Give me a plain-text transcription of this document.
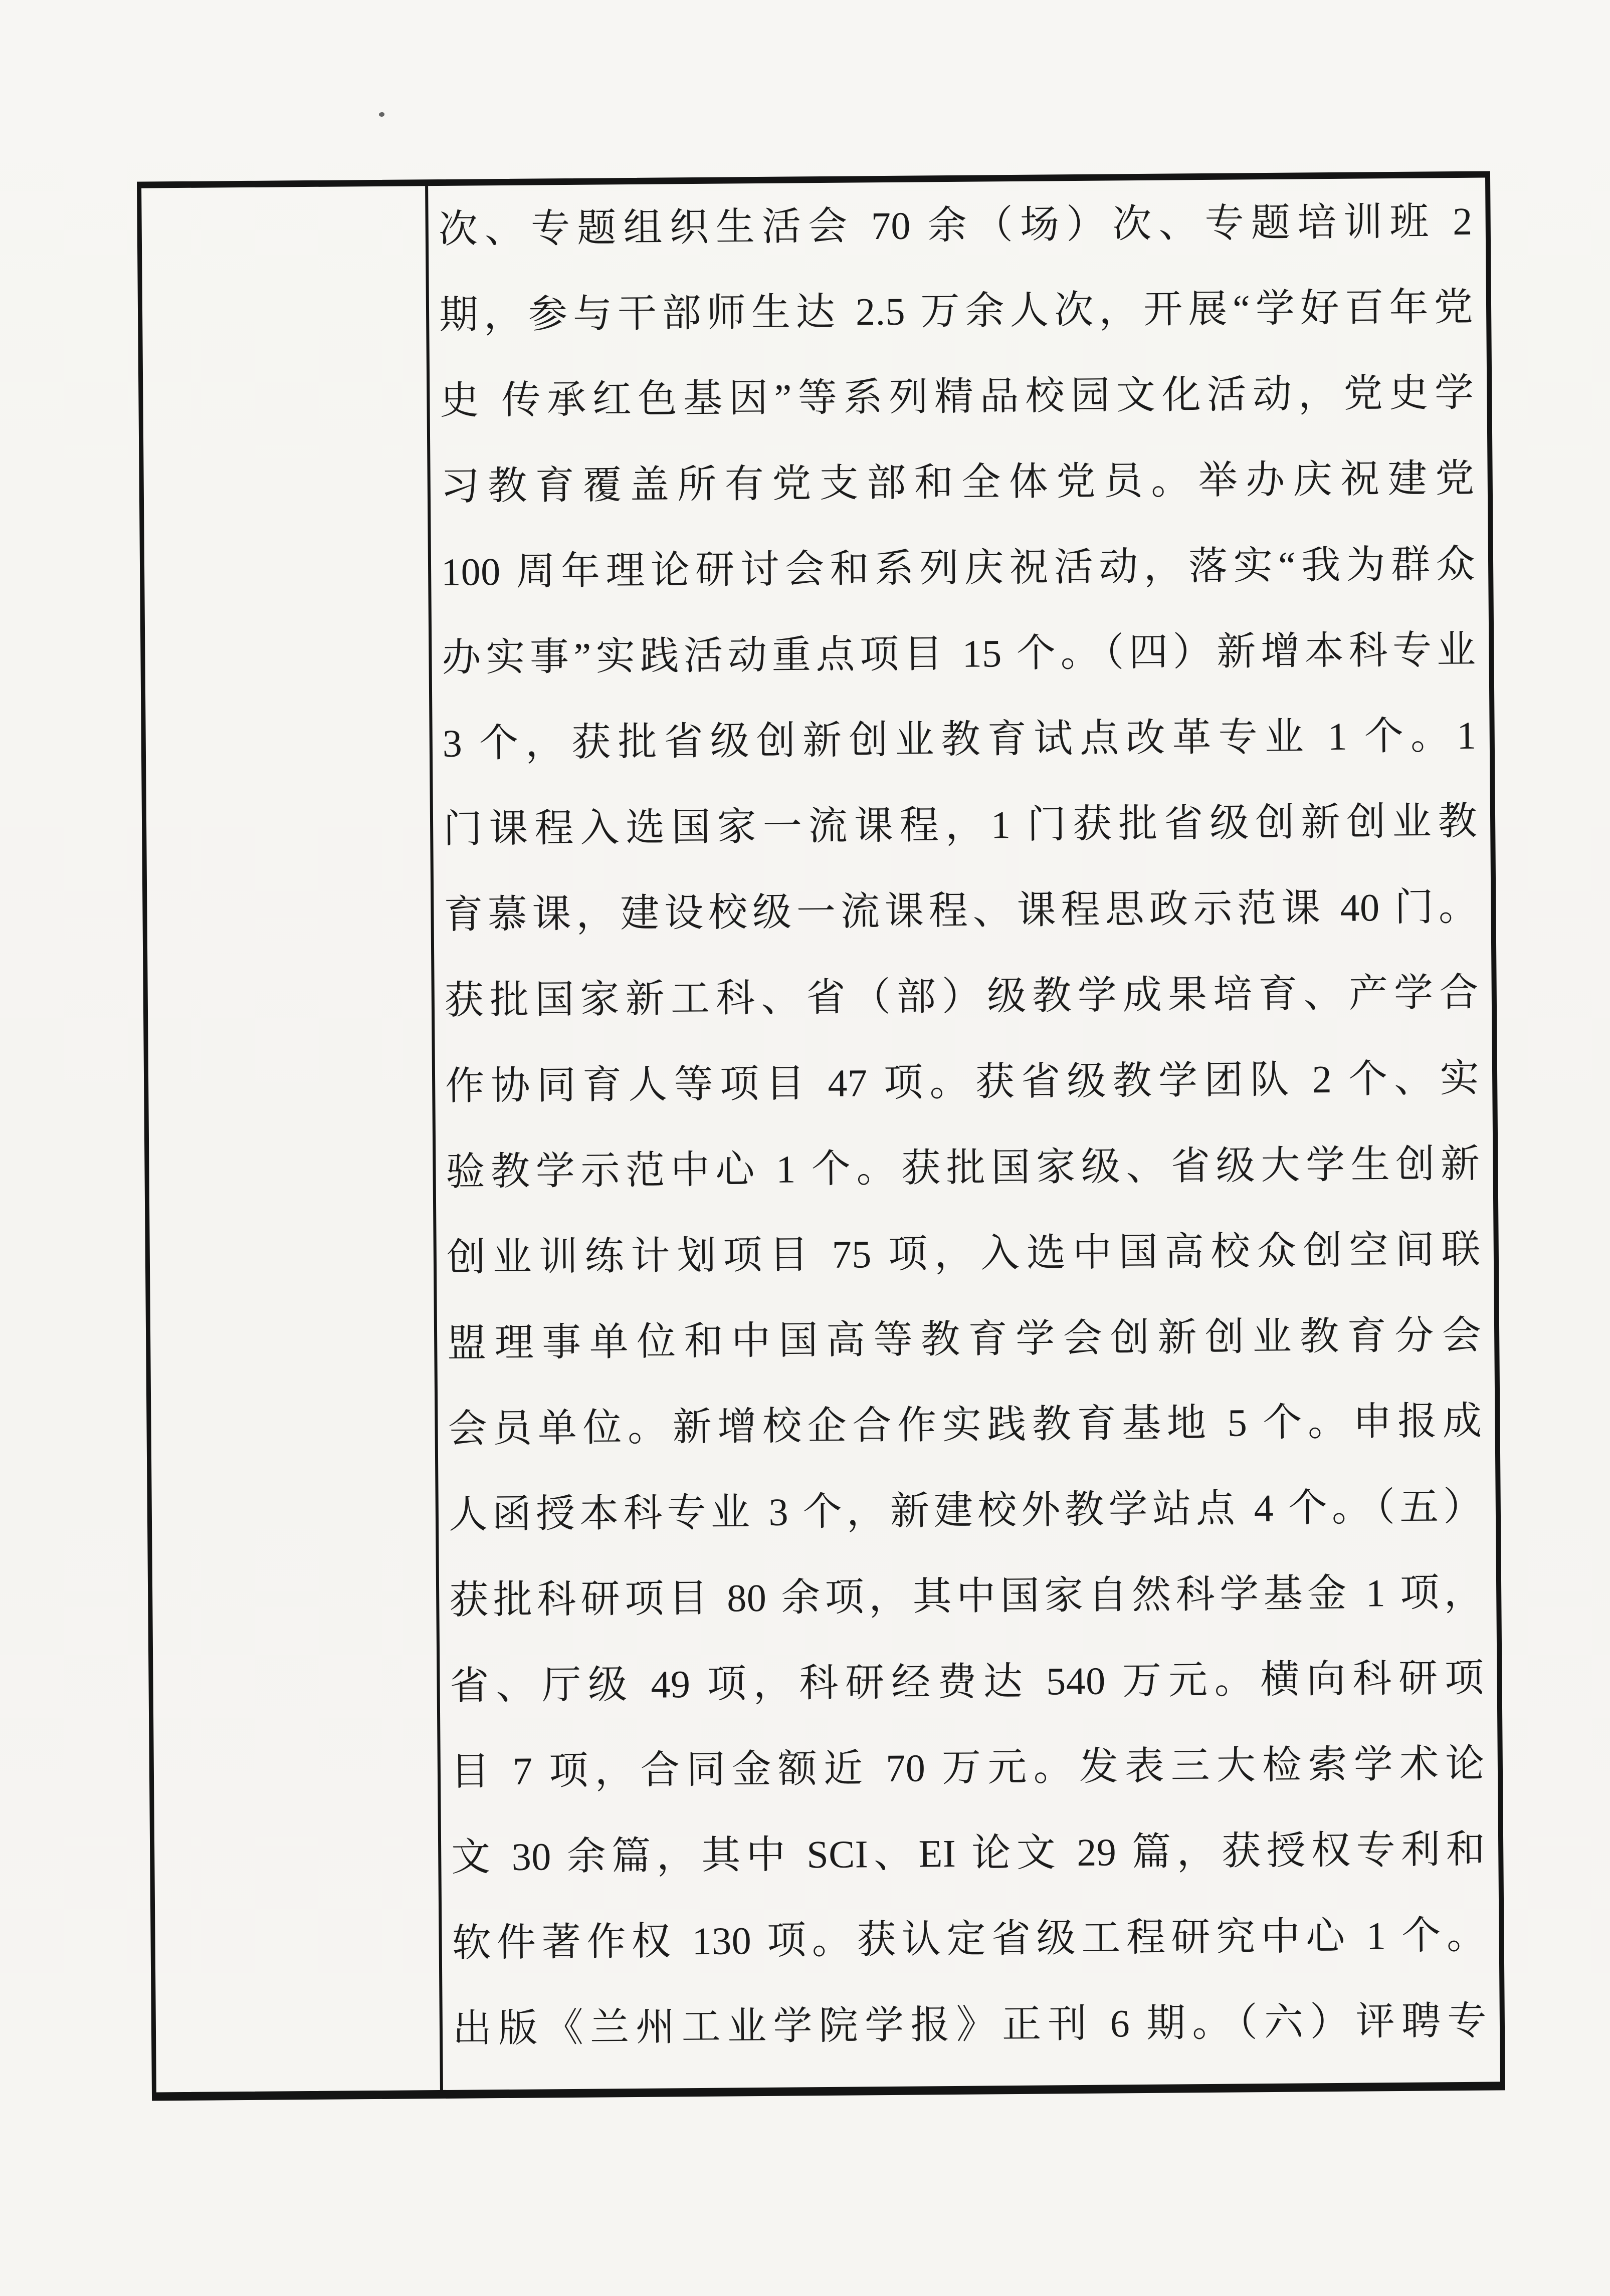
次、专题组织生活会 70 余（场）次、专题培训班 2
期，参与干部师生达 2.5 万余人次，开展“学好百年党
史 传承红色基因”等系列精品校园文化活动，党史学
习教育覆盖所有党支部和全体党员。举办庆祝建党
100 周年理论研讨会和系列庆祝活动，落实“我为群众
办实事”实践活动重点项目 15 个。（四）新增本科专业
3 个，获批省级创新创业教育试点改革专业 1 个。1
门课程入选国家一流课程，1 门获批省级创新创业教
育慕课，建设校级一流课程、课程思政示范课 40 门。
获批国家新工科、省（部）级教学成果培育、产学合
作协同育人等项目 47 项。获省级教学团队 2 个、实
验教学示范中心 1 个。获批国家级、省级大学生创新
创业训练计划项目 75 项，入选中国高校众创空间联
盟理事单位和中国高等教育学会创新创业教育分会
会员单位。新增校企合作实践教育基地 5 个。申报成
人函授本科专业 3 个，新建校外教学站点 4 个。（五）
获批科研项目 80 余项，其中国家自然科学基金 1 项，
省、厅级 49 项，科研经费达 540 万元。横向科研项
目 7 项，合同金额近 70 万元。发表三大检索学术论
文 30 余篇，其中 SCI、EI 论文 29 篇，获授权专利和
软件著作权 130 项。获认定省级工程研究中心 1 个。
出版《兰州工业学院学报》正刊 6 期。（六）评聘专
